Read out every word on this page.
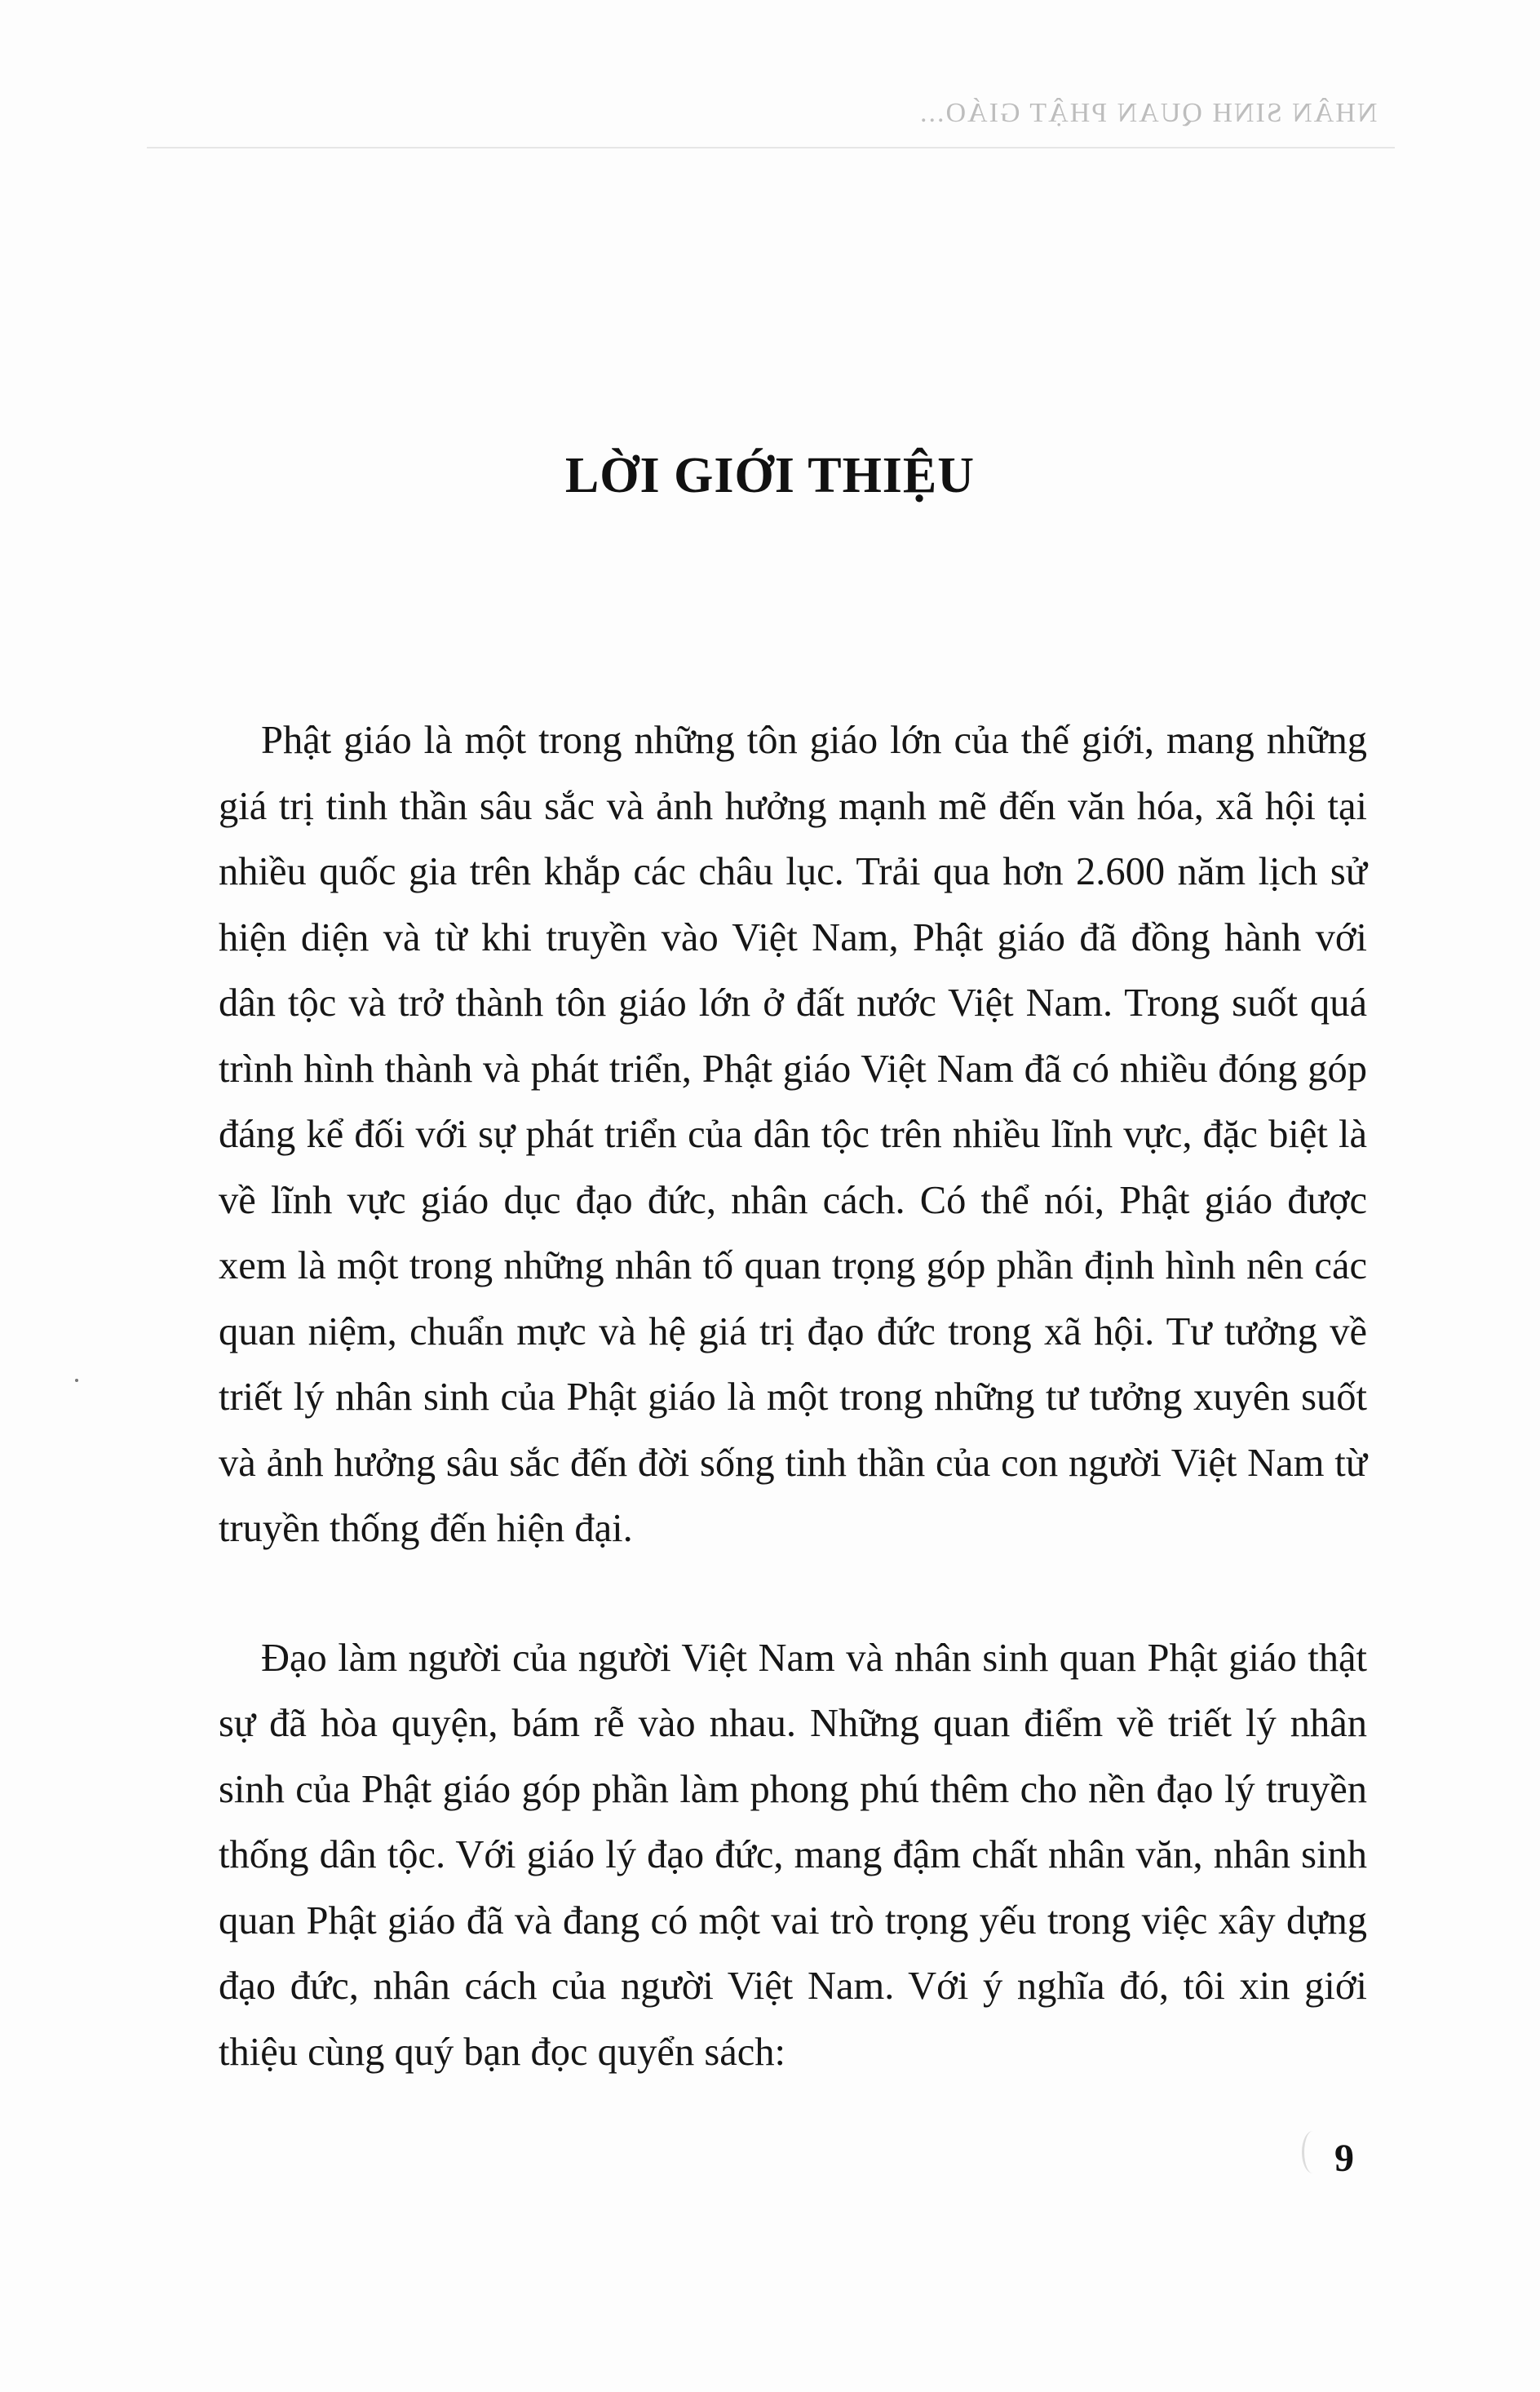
NHÂN SINH QUAN PHẬT GIÁO...
LỜI GIỚI THIỆU

Phật giáo là một trong những tôn giáo lớn của thế giới, mang những giá trị tinh thần sâu sắc và ảnh hưởng mạnh mẽ đến văn hóa, xã hội tại nhiều quốc gia trên khắp các châu lục. Trải qua hơn 2.600 năm lịch sử hiện diện và từ khi truyền vào Việt Nam, Phật giáo đã đồng hành với dân tộc và trở thành tôn giáo lớn ở đất nước Việt Nam. Trong suốt quá trình hình thành và phát triển, Phật giáo Việt Nam đã có nhiều đóng góp đáng kể đối với sự phát triển của dân tộc trên nhiều lĩnh vực, đặc biệt là về lĩnh vực giáo dục đạo đức, nhân cách. Có thể nói, Phật giáo được xem là một trong những nhân tố quan trọng góp phần định hình nên các quan niệm, chuẩn mực và hệ giá trị đạo đức trong xã hội. Tư tưởng về triết lý nhân sinh của Phật giáo là một trong những tư tưởng xuyên suốt và ảnh hưởng sâu sắc đến đời sống tinh thần của con người Việt Nam từ truyền thống đến hiện đại.

Đạo làm người của người Việt Nam và nhân sinh quan Phật giáo thật sự đã hòa quyện, bám rễ vào nhau. Những quan điểm về triết lý nhân sinh của Phật giáo góp phần làm phong phú thêm cho nền đạo lý truyền thống dân tộc. Với giáo lý đạo đức, mang đậm chất nhân văn, nhân sinh quan Phật giáo đã và đang có một vai trò trọng yếu trong việc xây dựng đạo đức, nhân cách của người Việt Nam. Với ý nghĩa đó, tôi xin giới thiệu cùng quý bạn đọc quyển sách:

9
